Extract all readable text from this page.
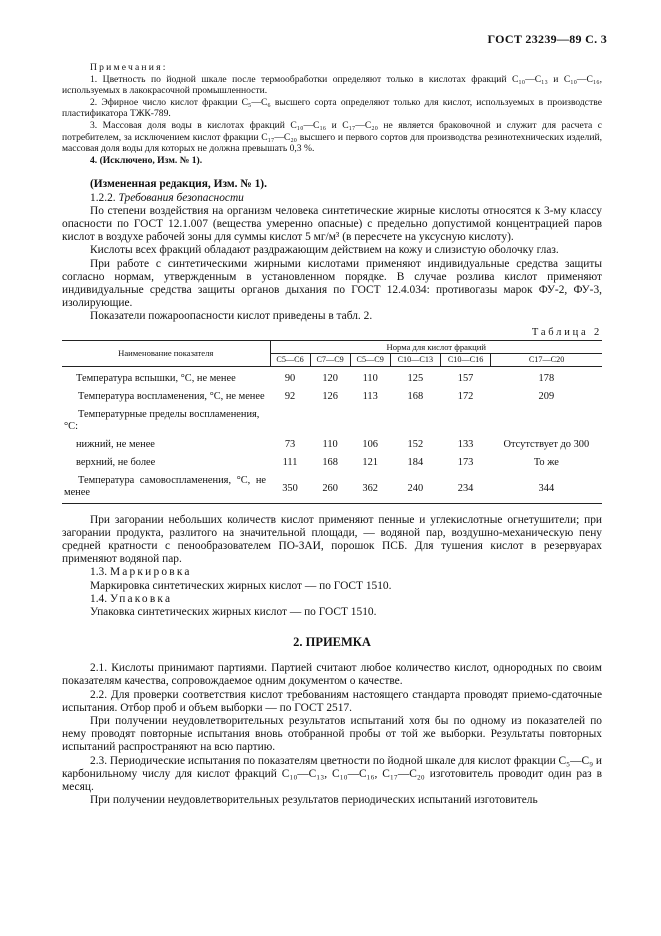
ГОСТ 23239—89 С. 3

Примечания:

1. Цветность по йодной шкале после термообработки определяют только в кислотах фракций C₁₀—C₁₃ и C₁₀—C₁₆, используемых в лакокрасочной промышленности.

2. Эфирное число кислот фракции C₅—C₆ высшего сорта определяют только для кислот, используемых в производстве пластификатора ТЖК-789.

3. Массовая доля воды в кислотах фракций C₁₀—C₁₆ и C₁₇—C₂₀ не является браковочной и служит для расчета с потребителем, за исключением кислот фракции C₁₇—C₂₀ высшего и первого сортов для производства резинотехнических изделий, массовая доля воды для которых не должна превышать 0,3 %.

4. (Исключено, Изм. № 1).

(Измененная редакция, Изм. № 1).

1.2.2. Требования безопасности

По степени воздействия на организм человека синтетические жирные кислоты относятся к 3-му классу опасности по ГОСТ 12.1.007 (вещества умеренно опасные) с предельно допустимой концентрацией паров кислот в воздухе рабочей зоны для суммы кислот 5 мг/м³ (в пересчете на уксусную кислоту).

Кислоты всех фракций обладают раздражающим действием на кожу и слизистую оболочку глаз.

При работе с синтетическими жирными кислотами применяют индивидуальные средства защиты согласно нормам, утвержденным в установленном порядке. В случае розлива кислот применяют индивидуальные средства защиты органов дыхания по ГОСТ 12.4.034: противогазы марок ФУ-2, ФУ-3, изолирующие.

Показатели пожароопасности кислот приведены в табл. 2.

Таблица 2

Наименование показателя	Норма для кислот фракций					
	C5—C6	C7—C9	C5—C9	C10—C13	C10—C16	C17—C20

Температура вспышки, °С, не менее	90	120	110	125	157	178

Температура воспламенения, °С, не менее	92	126	113	168	172	209

Температурные пределы воспламенения, °С:						

нижний, не менее	73	110	106	152	133	Отсутствует до 300

верхний, не более	111	168	121	184	173	То же

Температура самовоспламенения, °С, не менее	350	260	362	240	234	344

При загорании небольших количеств кислот применяют пенные и углекислотные огнетушители; при загорании продукта, разлитого на значительной площади, — водяной пар, воздушно-механическую пену средней кратности с пенообразователем ПО-ЗАИ, порошок ПСБ. Для тушения кислот в резервуарах применяют водяной пар.

1.3. Маркировка

Маркировка синтетических жирных кислот — по ГОСТ 1510.

1.4. Упаковка

Упаковка синтетических жирных кислот — по ГОСТ 1510.

2. ПРИЕМКА

2.1. Кислоты принимают партиями. Партией считают любое количество кислот, однородных по своим показателям качества, сопровождаемое одним документом о качестве.

2.2. Для проверки соответствия кислот требованиям настоящего стандарта проводят приемо-сдаточные испытания. Отбор проб и объем выборки — по ГОСТ 2517.

При получении неудовлетворительных результатов испытаний хотя бы по одному из показателей по нему проводят повторные испытания вновь отобранной пробы от той же выборки. Результаты повторных испытаний распространяют на всю партию.

2.3. Периодические испытания по показателям цветности по йодной шкале для кислот фракции C₅—C₉ и карбонильному числу для кислот фракций C₁₀—C₁₃, C₁₀—C₁₆, C₁₇—C₂₀ изготовитель проводит один раз в месяц.

При получении неудовлетворительных результатов периодических испытаний изготовитель
